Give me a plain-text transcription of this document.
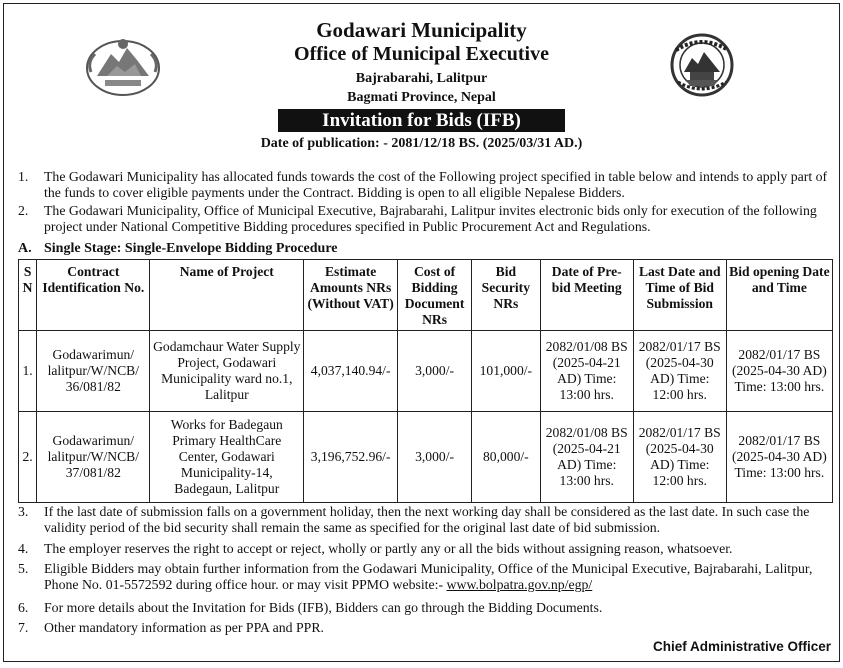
Godawari Municipality
Office of Municipal Executive
Bajrabarahi, Lalitpur
Bagmati Province, Nepal
Invitation for Bids (IFB)
Date of publication: - 2081/12/18 BS. (2025/03/31 AD.)
1. The Godawari Municipality has allocated funds towards the cost of the Following project specified in table below and intends to apply part of the funds to cover eligible payments under the Contract. Bidding is open to all eligible Nepalese Bidders.
2. The Godawari Municipality, Office of Municipal Executive, Bajrabarahi, Lalitpur invites electronic bids only for execution of the following project under National Competitive Bidding procedures specified in Public Procurement Act and Regulations.
A. Single Stage: Single-Envelope Bidding Procedure
S N	Contract Identification No.	Name of Project	Estimate Amounts NRs (Without VAT)	Cost of Bidding Document NRs	Bid Security NRs	Date of Pre-bid Meeting	Last Date and Time of Bid Submission	Bid opening Date and Time
1.	Godawarimun/ lalitpur/W/NCB/ 36/081/82	Godamchaur Water Supply Project, Godawari Municipality ward no.1, Lalitpur	4,037,140.94/-	3,000/-	101,000/-	2082/01/08 BS (2025-04-21 AD) Time: 13:00 hrs.	2082/01/17 BS (2025-04-30 AD) Time: 12:00 hrs.	2082/01/17 BS (2025-04-30 AD) Time: 13:00 hrs.
2.	Godawarimun/ lalitpur/W/NCB/ 37/081/82	Works for Badegaun Primary HealthCare Center, Godawari Municipality-14, Badegaun, Lalitpur	3,196,752.96/-	3,000/-	80,000/-	2082/01/08 BS (2025-04-21 AD) Time: 13:00 hrs.	2082/01/17 BS (2025-04-30 AD) Time: 12:00 hrs.	2082/01/17 BS (2025-04-30 AD) Time: 13:00 hrs.
3. If the last date of submission falls on a government holiday, then the next working day shall be considered as the last date. In such case the validity period of the bid security shall remain the same as specified for the original last date of bid submission.
4. The employer reserves the right to accept or reject, wholly or partly any or all the bids without assigning reason, whatsoever.
5. Eligible Bidders may obtain further information from the Godawari Municipality, Office of the Municipal Executive, Bajrabarahi, Lalitpur, Phone No. 01-5572592 during office hour. or may visit PPMO website:- www.bolpatra.gov.np/egp/
6. For more details about the Invitation for Bids (IFB), Bidders can go through the Bidding Documents.
7. Other mandatory information as per PPA and PPR.
Chief Administrative Officer
